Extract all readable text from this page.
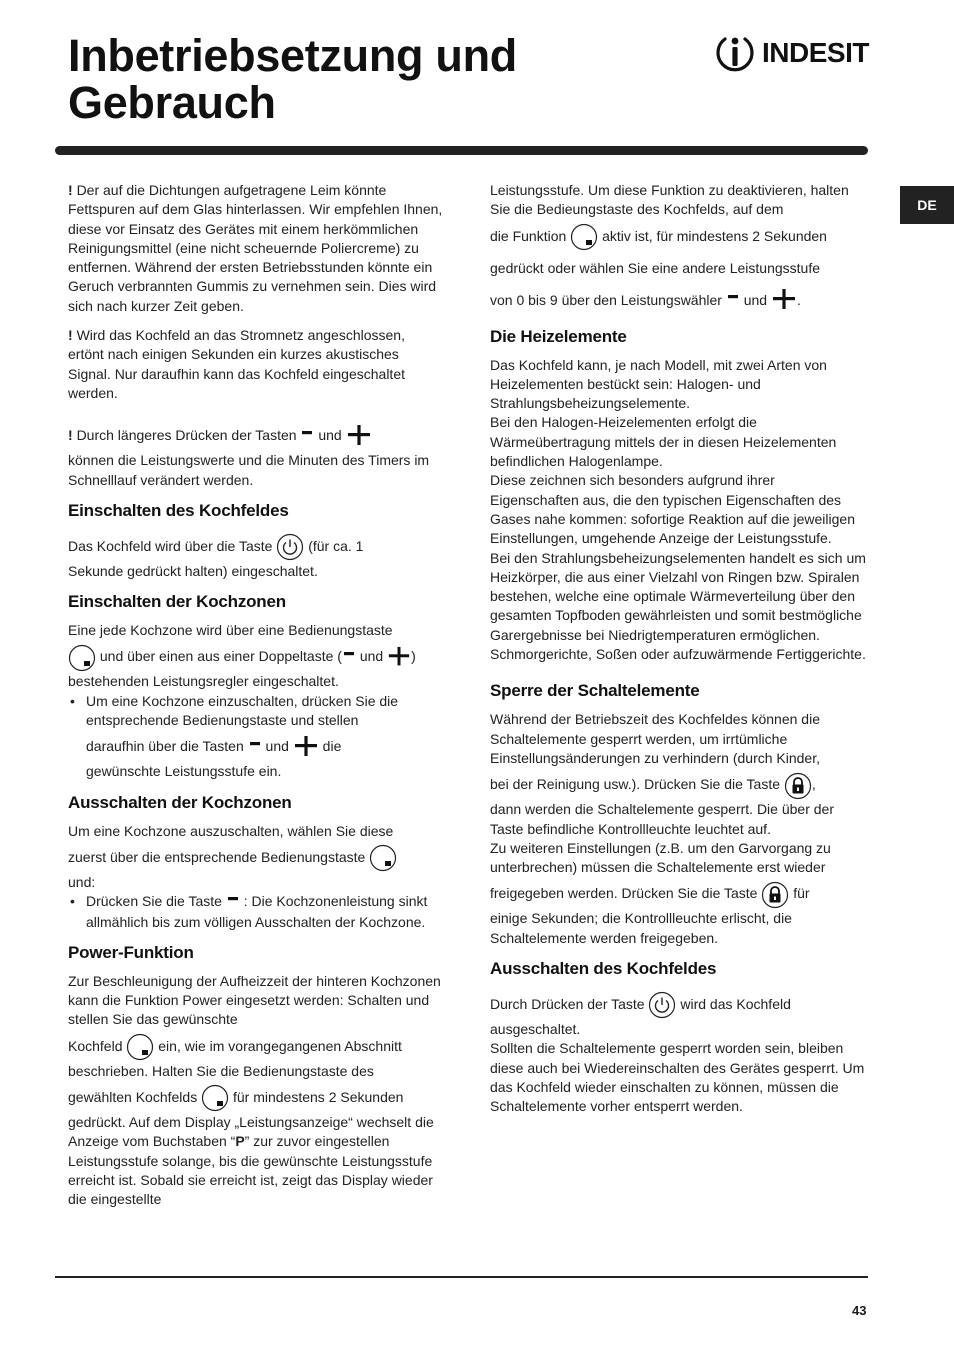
Inbetriebsetzung und Gebrauch
INDESIT
DE

! Der auf die Dichtungen aufgetragene Leim könnte Fettspuren auf dem Glas hinterlassen. Wir empfehlen Ihnen, diese vor Einsatz des Gerätes mit einem herkömmlichen Reinigungsmittel (eine nicht scheuernde Poliercreme) zu entfernen. Während der ersten Betriebsstunden könnte ein Geruch verbrannten Gummis zu vernehmen sein. Dies wird sich nach kurzer Zeit geben.

! Wird das Kochfeld an das Stromnetz angeschlossen, ertönt nach einigen Sekunden ein kurzes akustisches Signal. Nur daraufhin kann das Kochfeld eingeschaltet werden.

! Durch längeres Drücken der Tasten und
können die Leistungswerte und die Minuten des Timers im Schnelllauf verändert werden.

Einschalten des Kochfeldes

Das Kochfeld wird über die Taste	(für ca. 1
Sekunde gedrückt halten) eingeschaltet.

Einschalten der Kochzonen

Eine jede Kochzone wird über eine Bedienungstaste
und über einen aus einer Doppeltaste ( und )
bestehenden Leistungsregler eingeschaltet.

• Um eine Kochzone einzuschalten, drücken Sie die entsprechende Bedienungstaste und stellen
daraufhin über die Tasten und die
gewünschte Leistungsstufe ein.
Ausschalten der Kochzonen

Um eine Kochzone auszuschalten, wählen Sie diese
zuerst über die entsprechende Bedienungstaste
und:

• Drücken Sie die Taste : Die Kochzonenleistung sinkt allmählich bis zum völligen Ausschalten der Kochzone.
Power-Funktion

Zur Beschleunigung der Aufheizzeit der hinteren Kochzonen kann die Funktion Power eingesetzt werden: Schalten und stellen Sie das gewünschte
Kochfeld	ein, wie im vorangegangenen Abschnitt
beschrieben. Halten Sie die Bedienungstaste des
gewählten Kochfelds	für mindestens 2 Sekunden
gedrückt. Auf dem Display „Leistungsanzeige“ wechselt die Anzeige vom Buchstaben “P” zur zuvor eingestellen Leistungsstufe solange, bis die gewünschte Leistungsstufe erreicht ist. Sobald sie erreicht ist, zeigt das Display wieder die eingestellte

Leistungsstufe. Um diese Funktion zu deaktivieren, halten Sie die Bedieungstaste des Kochfelds, auf dem
die Funktion	aktiv ist, für mindestens 2 Sekunden
gedrückt oder wählen Sie eine andere Leistungsstufe
von 0 bis 9 über den Leistungswähler und .

Die Heizelemente

Das Kochfeld kann, je nach Modell, mit zwei Arten von Heizelementen bestückt sein: Halogen- und Strahlungsbeheizungselemente.
Bei den Halogen-Heizelementen erfolgt die Wärmeübertragung mittels der in diesen Heizelementen befindlichen Halogenlampe.
Diese zeichnen sich besonders aufgrund ihrer Eigenschaften aus, die den typischen Eigenschaften des Gases nahe kommen: sofortige Reaktion auf die jeweiligen Einstellungen, umgehende Anzeige der Leistungsstufe.
Bei den Strahlungsbeheizungselementen handelt es sich um Heizkörper, die aus einer Vielzahl von Ringen bzw. Spiralen bestehen, welche eine optimale Wärmeverteilung über den gesamten Topfboden gewährleisten und somit bestmögliche Garergebnisse bei Niedrigtemperaturen ermöglichen. Schmorgerichte, Soßen oder aufzuwärmende Fertiggerichte.

Sperre der Schaltelemente

Während der Betriebszeit des Kochfeldes können die Schaltelemente gesperrt werden, um irrtümliche Einstellungsänderungen zu verhindern (durch Kinder,
bei der Reinigung usw.). Drücken Sie die Taste ,
dann werden die Schaltelemente gesperrt. Die über der Taste befindliche Kontrollleuchte leuchtet auf.
Zu weiteren Einstellungen (z.B. um den Garvorgang zu unterbrechen) müssen die Schaltelemente erst wieder
freigegeben werden. Drücken Sie die Taste	für
einige Sekunden; die Kontrollleuchte erlischt, die Schaltelemente werden freigegeben.

Ausschalten des Kochfeldes

Durch Drücken der Taste	wird das Kochfeld
ausgeschaltet.
Sollten die Schaltelemente gesperrt worden sein, bleiben diese auch bei Wiedereinschalten des Gerätes gesperrt. Um das Kochfeld wieder einschalten zu können, müssen die Schaltelemente vorher entsperrt werden.

43
